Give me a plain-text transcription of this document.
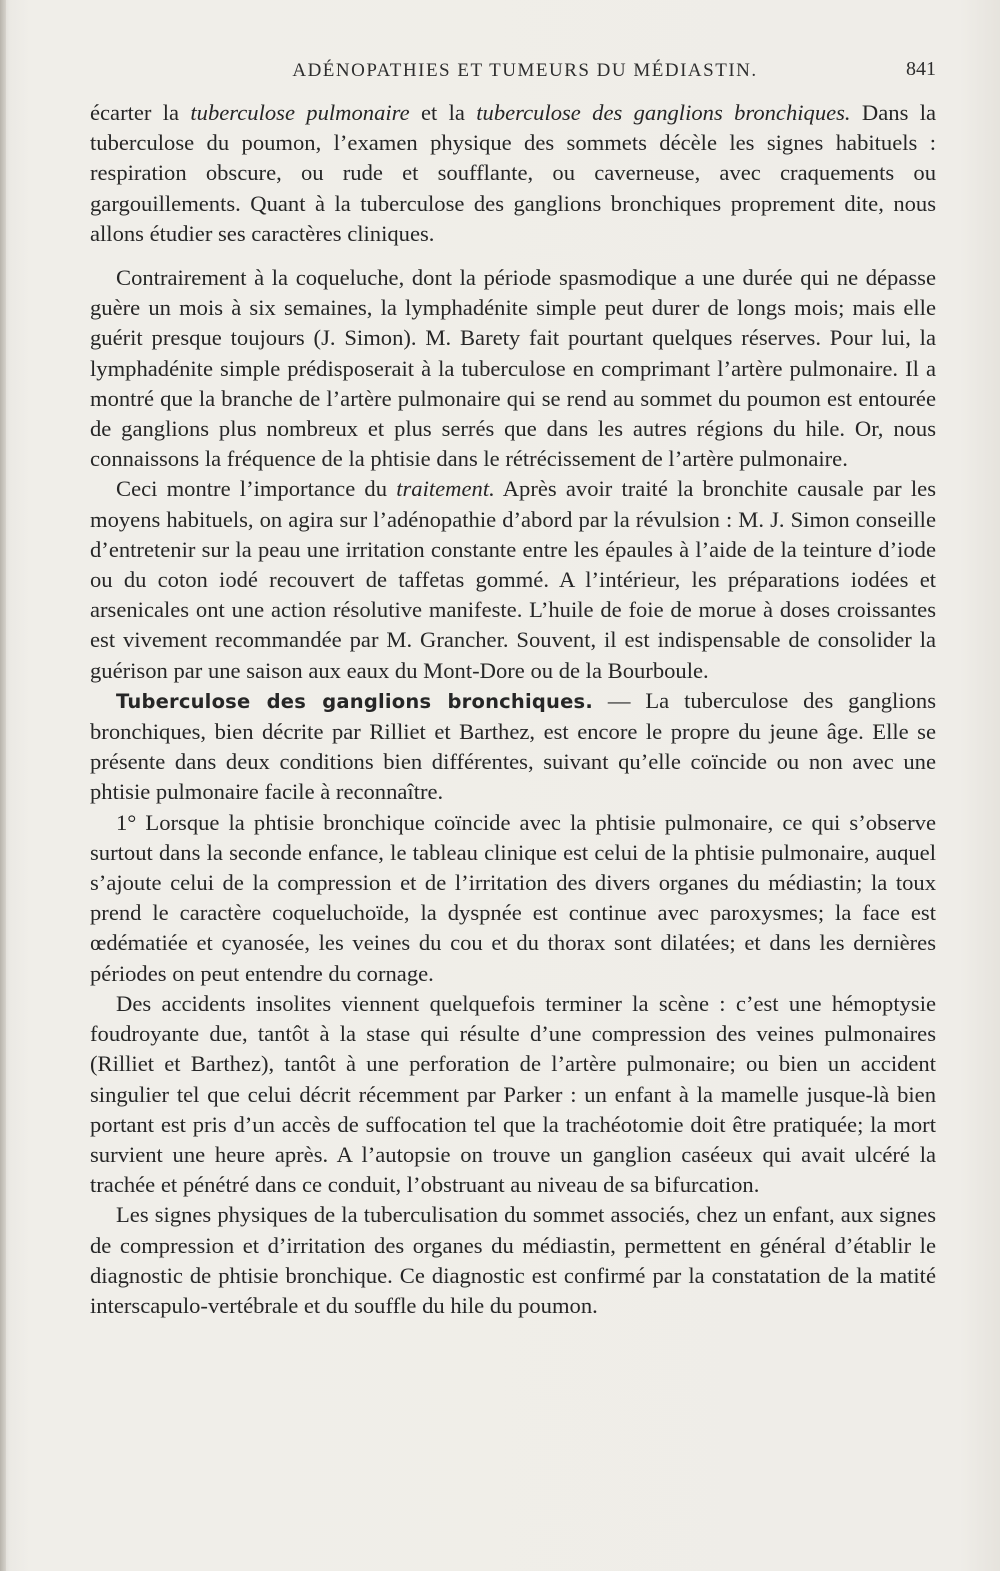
ADÉNOPATHIES ET TUMEURS DU MÉDIASTIN.	841

écarter la tuberculose pulmonaire et la tuberculose des ganglions bronchiques. Dans la tuberculose du poumon, l’examen physique des sommets décèle les signes habituels : respiration obscure, ou rude et soufflante, ou caverneuse, avec craquements ou gargouillements. Quant à la tuberculose des ganglions bronchiques proprement dite, nous allons étudier ses caractères cliniques.

Contrairement à la coqueluche, dont la période spasmodique a une durée qui ne dépasse guère un mois à six semaines, la lymphadénite simple peut durer de longs mois; mais elle guérit presque toujours (J. Simon). M. Barety fait pourtant quelques réserves. Pour lui, la lymphadénite simple prédisposerait à la tuberculose en comprimant l’artère pulmonaire. Il a montré que la branche de l’artère pulmonaire qui se rend au sommet du poumon est entourée de ganglions plus nombreux et plus serrés que dans les autres régions du hile. Or, nous connaissons la fréquence de la phtisie dans le rétrécissement de l’artère pulmonaire.

Ceci montre l’importance du traitement. Après avoir traité la bronchite causale par les moyens habituels, on agira sur l’adénopathie d’abord par la révulsion : M. J. Simon conseille d’entretenir sur la peau une irritation constante entre les épaules à l’aide de la teinture d’iode ou du coton iodé recouvert de taffetas gommé. A l’intérieur, les préparations iodées et arsenicales ont une action résolutive manifeste. L’huile de foie de morue à doses croissantes est vivement recommandée par M. Grancher. Souvent, il est indispensable de consolider la guérison par une saison aux eaux du Mont-Dore ou de la Bourboule.

Tuberculose des ganglions bronchiques. — La tuberculose des ganglions bronchiques, bien décrite par Rilliet et Barthez, est encore le propre du jeune âge. Elle se présente dans deux conditions bien différentes, suivant qu’elle coïncide ou non avec une phtisie pulmonaire facile à reconnaître.

1° Lorsque la phtisie bronchique coïncide avec la phtisie pulmonaire, ce qui s’observe surtout dans la seconde enfance, le tableau clinique est celui de la phtisie pulmonaire, auquel s’ajoute celui de la compression et de l’irritation des divers organes du médiastin; la toux prend le caractère coqueluchoïde, la dyspnée est continue avec paroxysmes; la face est œdématiée et cyanosée, les veines du cou et du thorax sont dilatées; et dans les dernières périodes on peut entendre du cornage.

Des accidents insolites viennent quelquefois terminer la scène : c’est une hémoptysie foudroyante due, tantôt à la stase qui résulte d’une compression des veines pulmonaires (Rilliet et Barthez), tantôt à une perforation de l’artère pulmonaire; ou bien un accident singulier tel que celui décrit récemment par Parker : un enfant à la mamelle jusque-là bien portant est pris d’un accès de suffocation tel que la trachéotomie doit être pratiquée; la mort survient une heure après. A l’autopsie on trouve un ganglion caséeux qui avait ulcéré la trachée et pénétré dans ce conduit, l’obstruant au niveau de sa bifurcation.

Les signes physiques de la tuberculisation du sommet associés, chez un enfant, aux signes de compression et d’irritation des organes du médiastin, permettent en général d’établir le diagnostic de phtisie bronchique. Ce diagnostic est confirmé par la constatation de la matité interscapulo-vertébrale et du souffle du hile du poumon.
